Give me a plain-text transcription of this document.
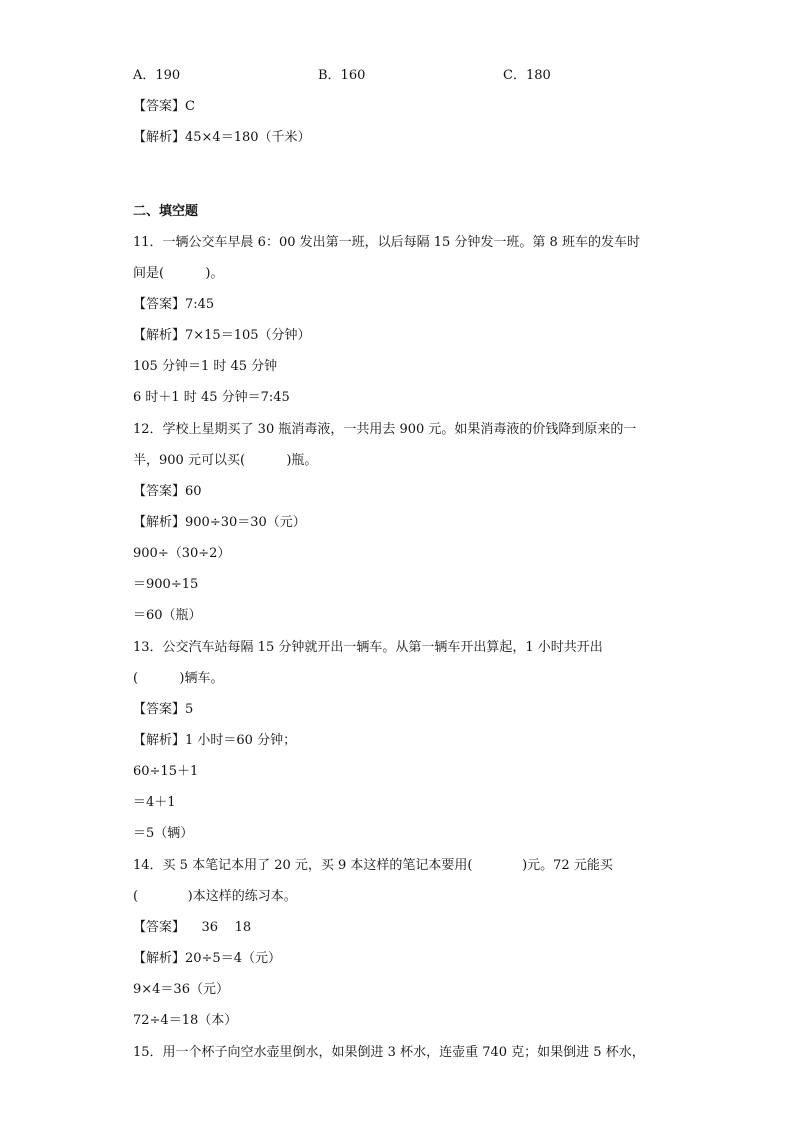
A．190	B．160	C．180
【答案】C
【解析】45×4＝180（千米）
二、填空题
11．一辆公交车早晨 6：00 发出第一班，以后每隔 15 分钟发一班。第 8 班车的发车时
间是(          )。
【答案】7:45
【解析】7×15＝105（分钟）
105 分钟＝1 时 45 分钟
6 时＋1 时 45 分钟＝7:45
12．学校上星期买了 30 瓶消毒液，一共用去 900 元。如果消毒液的价钱降到原来的一
半，900 元可以买(          )瓶。
【答案】60
【解析】900÷30＝30（元）
900÷（30÷2）
＝900÷15
＝60（瓶）
13．公交汽车站每隔 15 分钟就开出一辆车。从第一辆车开出算起，1 小时共开出
(          )辆车。
【答案】5
【解析】1 小时＝60 分钟；
60÷15＋1
＝4＋1
＝5（辆）
14．买 5 本笔记本用了 20 元，买 9 本这样的笔记本要用(            )元。72 元能买
(            )本这样的练习本。
【答案】    36    18
【解析】20÷5＝4（元）
9×4＝36（元）
72÷4＝18（本）
15．用一个杯子向空水壶里倒水，如果倒进 3 杯水，连壶重 740 克；如果倒进 5 杯水，
